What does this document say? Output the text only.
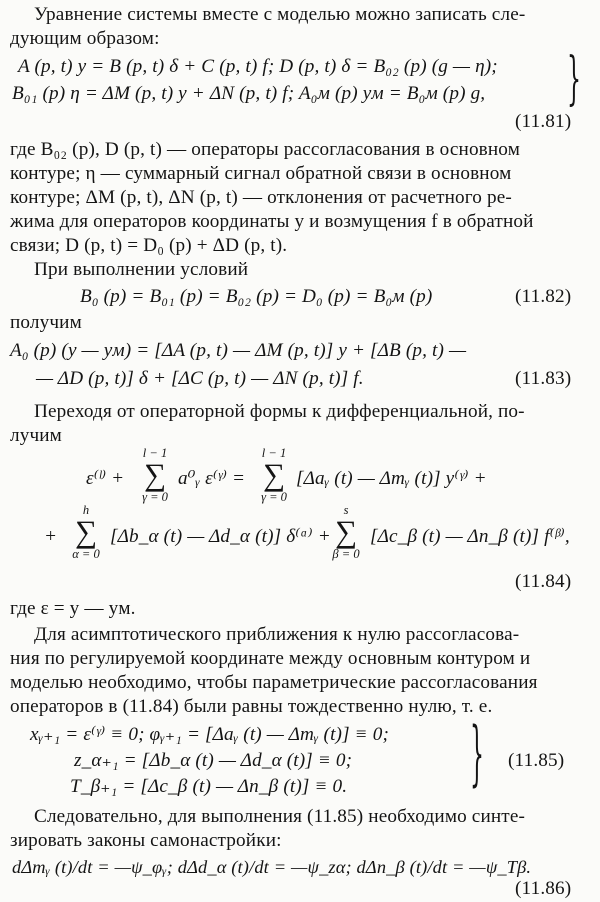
Уравнение системы вместе с моделью можно записать сле-
дующим образом:
A (p, t) y = B (p, t) δ + C (p, t) f; D (p, t) δ = B₀₂ (p) (g — η);
B₀₁ (p) η = ΔM (p, t) y + ΔN (p, t) f; A₀м (p) yм = B₀м (p) g,	}
(11.81)
где B₀₂ (p), D (p, t) — операторы рассогласования в основном
контуре; η — суммарный сигнал обратной связи в основном
контуре; ΔM (p, t), ΔN (p, t) — отклонения от расчетного ре-
жима для операторов координаты y и возмущения f в обратной
связи; D (p, t) = D₀ (p) + ΔD (p, t).
При выполнении условий
B₀ (p) = B₀₁ (p) = B₀₂ (p) = D₀ (p) = B₀м (p)	(11.82)
получим
A₀ (p) (y — yм) = [ΔA (p, t) — ΔM (p, t)] y + [ΔB (p, t) —
— ΔD (p, t)] δ + [ΔC (p, t) — ΔN (p, t)] f.	(11.83)
Переходя от операторной формы к дифференциальной, по-
лучим
ε⁽ˡ⁾ +
l − 1
∑
γ = 0
a⁰ᵧ ε⁽ᵞ⁾ =
l − 1
∑
γ = 0
[Δaᵧ (t) — Δmᵧ (t)] y⁽ᵞ⁾ +
+
h
∑
α = 0
[Δb_α (t) — Δd_α (t)] δ⁽ᵅ⁾ +
s
∑
β = 0
[Δc_β (t) — Δn_β (t)] f⁽ᵝ⁾,
(11.84)
где ε = y — yм.
Для асимптотического приближения к нулю рассогласова-
ния по регулируемой координате между основным контуром и
моделью необходимо, чтобы параметрические рассогласования
операторов в (11.84) были равны тождественно нулю, т. е.
xᵧ₊₁ = ε⁽ᵞ⁾ ≡ 0; φᵧ₊₁ = [Δaᵧ (t) — Δmᵧ (t)] ≡ 0;
z_α₊₁ = [Δb_α (t) — Δd_α (t)] ≡ 0;
T_β₊₁ = [Δc_β (t) — Δn_β (t)] ≡ 0.	} (11.85)
Следовательно, для выполнения (11.85) необходимо синте-
зировать законы самонастройки:
dΔmᵧ (t)/dt = —ψ_φᵧ; dΔd_α (t)/dt = —ψ_zα; dΔn_β (t)/dt = —ψ_Tβ.
(11.86)
